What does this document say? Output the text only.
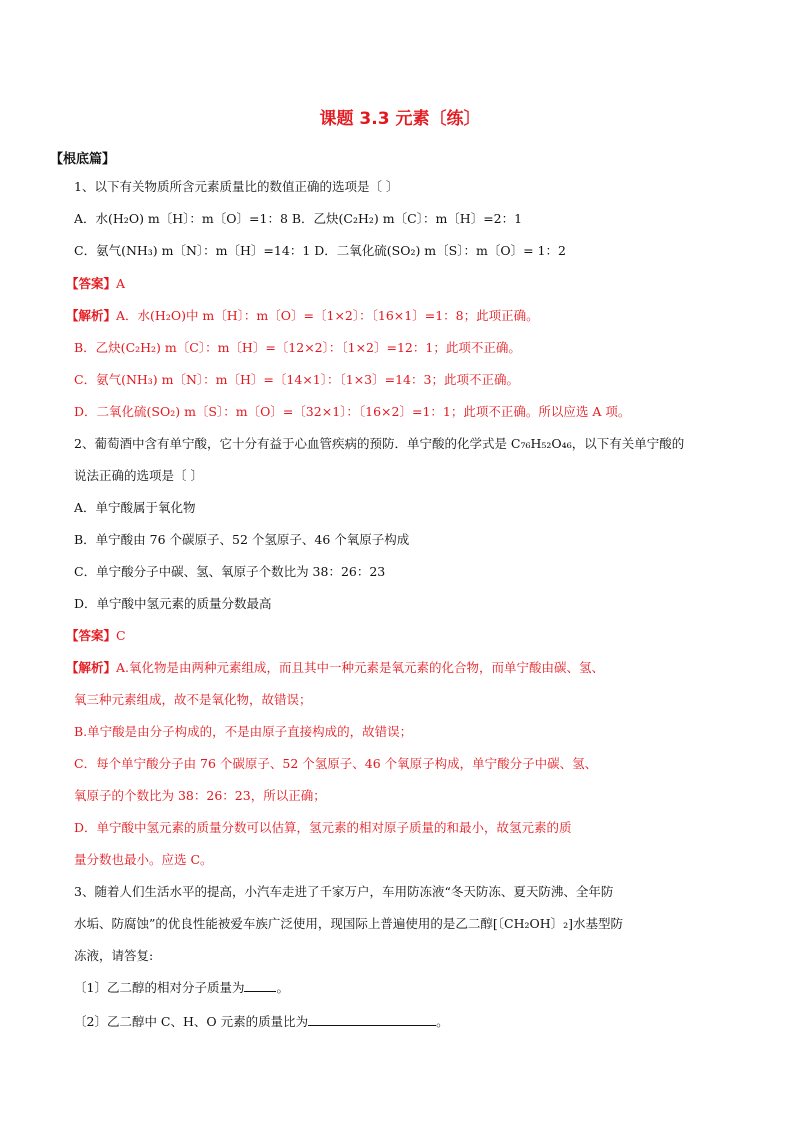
课题 3.3 元素〔练〕
【根底篇】
1、以下有关物质所含元素质量比的数值正确的选项是〔 〕
A．水(H₂O) m〔H〕：m〔O〕=1：8 B．乙炔(C₂H₂) m〔C〕：m〔H〕=2：1
C．氨气(NH₃) m〔N〕：m〔H〕=14：1 D．二氧化硫(SO₂) m〔S〕：m〔O〕= 1：2
【答案】A
【解析】A．水(H₂O)中 m〔H〕：m〔O〕=〔1×2〕：〔16×1〕=1：8；此项正确。
B．乙炔(C₂H₂) m〔C〕：m〔H〕=〔12×2〕：〔1×2〕=12：1；此项不正确。
C．氨气(NH₃) m〔N〕：m〔H〕=〔14×1〕：〔1×3〕=14：3；此项不正确。
D．二氧化硫(SO₂) m〔S〕：m〔O〕=〔32×1〕：〔16×2〕=1：1；此项不正确。所以应选 A 项。
2、葡萄酒中含有单宁酸，它十分有益于心血管疾病的预防．单宁酸的化学式是 C₇₆H₅₂O₄₆，以下有关单宁酸的
说法正确的选项是〔 〕
A．单宁酸属于氧化物
B．单宁酸由 76 个碳原子、52 个氢原子、46 个氧原子构成
C．单宁酸分子中碳、氢、氧原子个数比为 38：26：23
D．单宁酸中氢元素的质量分数最高
【答案】C
【解析】A.氧化物是由两种元素组成，而且其中一种元素是氧元素的化合物，而单宁酸由碳、氢、
氧三种元素组成，故不是氧化物，故错误；
B.单宁酸是由分子构成的，不是由原子直接构成的，故错误；
C．每个单宁酸分子由 76 个碳原子、52 个氢原子、46 个氧原子构成，单宁酸分子中碳、氢、
氧原子的个数比为 38：26：23，所以正确；
D．单宁酸中氢元素的质量分数可以估算，氢元素的相对原子质量的和最小，故氢元素的质
量分数也最小。应选 C。
3、随着人们生活水平的提高，小汽车走进了千家万户，车用防冻液“冬天防冻、夏天防沸、全年防
水垢、防腐蚀”的优良性能被爱车族广泛使用，现国际上普遍使用的是乙二醇[〔CH₂OH〕₂]水基型防
冻液，请答复:
〔1〕乙二醇的相对分子质量为	。
〔2〕乙二醇中 C、H、O 元素的质量比为	。
